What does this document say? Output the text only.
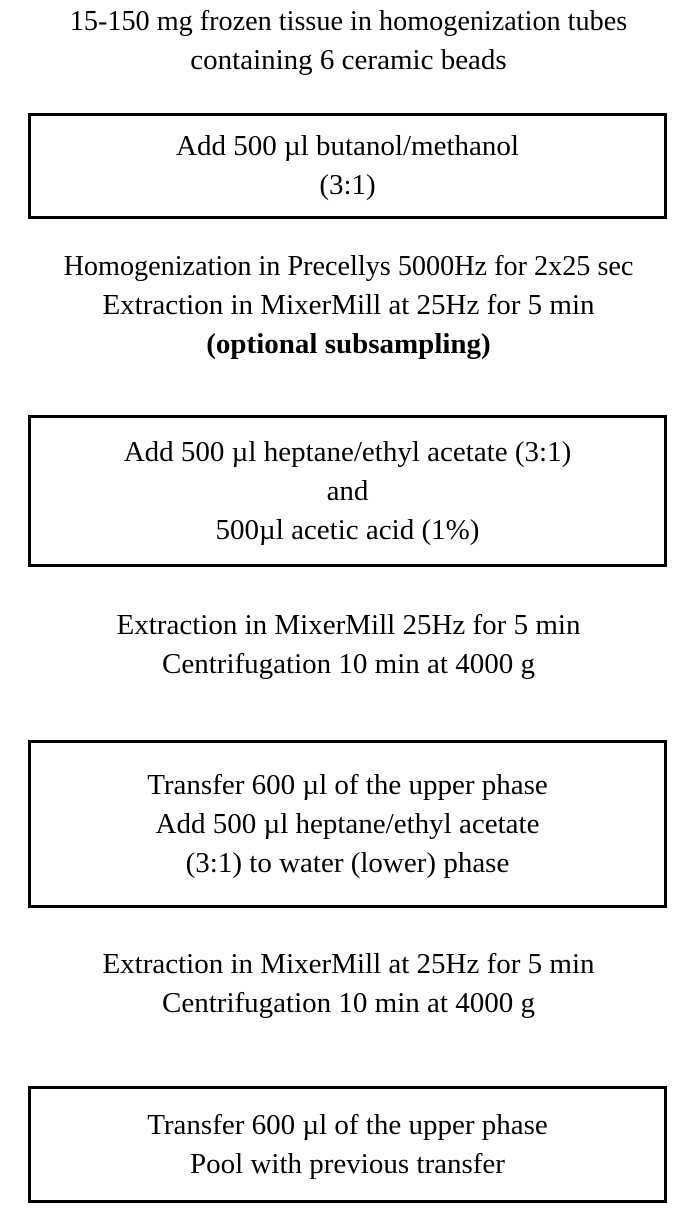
15-150 mg frozen tissue in homogenization tubes
containing 6 ceramic beads
Add 500 µl butanol/methanol
(3:1)
Homogenization in Precellys 5000Hz for 2x25 sec
Extraction in MixerMill at 25Hz for 5 min
(optional subsampling)
Add 500 µl heptane/ethyl acetate (3:1)
and
500µl acetic acid (1%)
Extraction in MixerMill 25Hz for 5 min
Centrifugation 10 min at 4000 g
Transfer 600 µl of the upper phase
Add 500 µl heptane/ethyl acetate
(3:1) to water (lower) phase
Extraction in MixerMill at 25Hz for 5 min
Centrifugation 10 min at 4000 g
Transfer 600 µl of the upper phase
Pool with previous transfer
